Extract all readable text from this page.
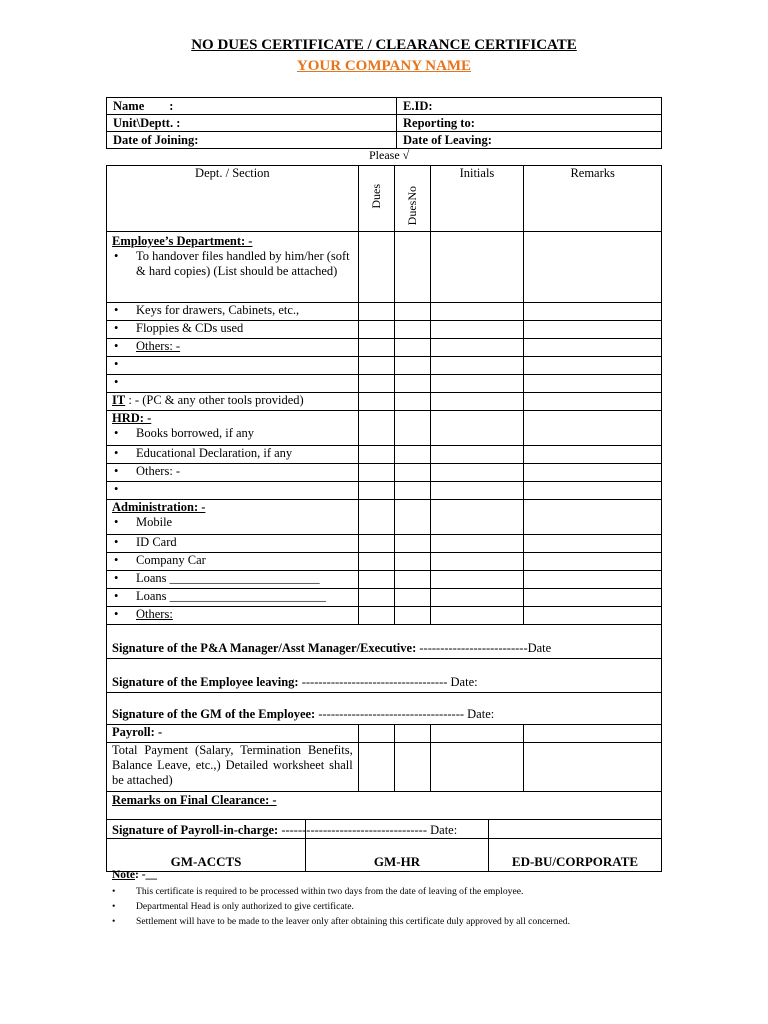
NO DUES CERTIFICATE / CLEARANCE CERTIFICATE
YOUR COMPANY NAME
Name        :	E.ID:
Unit\Deptt. :	Reporting to:
Date of Joining:	Date of Leaving:
Please √
Dept. / Section	Dues	DuesNo	Initials	Remarks

Employee’s Department: -
• To handover files handled by him/her (soft & hard copies) (List should be attached)				

• Keys for drawers, Cabinets, etc.,				

• Floppies & CDs used				

• Others: -				

•				

•				

IT : - (PC & any other tools provided)				

HRD: -
• Books borrowed, if any				

• Educational Declaration, if any				

• Others: -				

•				

Administration: -
• Mobile				

• ID Card				

• Company Car				

• Loans ________________________				

• Loans _________________________				

• Others:				

Signature of the P&A Manager/Asst Manager/Executive: --------------------------Date				
Signature of the Employee leaving: ----------------------------------- Date:				
Signature of the GM of the Employee: ----------------------------------- Date:				
Payroll: -				
Total Payment (Salary, Termination Benefits, Balance Leave, etc.,) Detailed worksheet shall be attached)				

Remarks on Final Clearance: -
Signature of Payroll-in-charge: ----------------------------------- Date:				
GM-ACCTS	GM-HR	ED-BU/CORPORATE
Note: -__
•	This certificate is required to be processed within two days from the date of leaving of the employee.
•	Departmental Head is only authorized to give certificate.
•	Settlement will have to be made to the leaver only after obtaining this certificate duly approved by all concerned.
